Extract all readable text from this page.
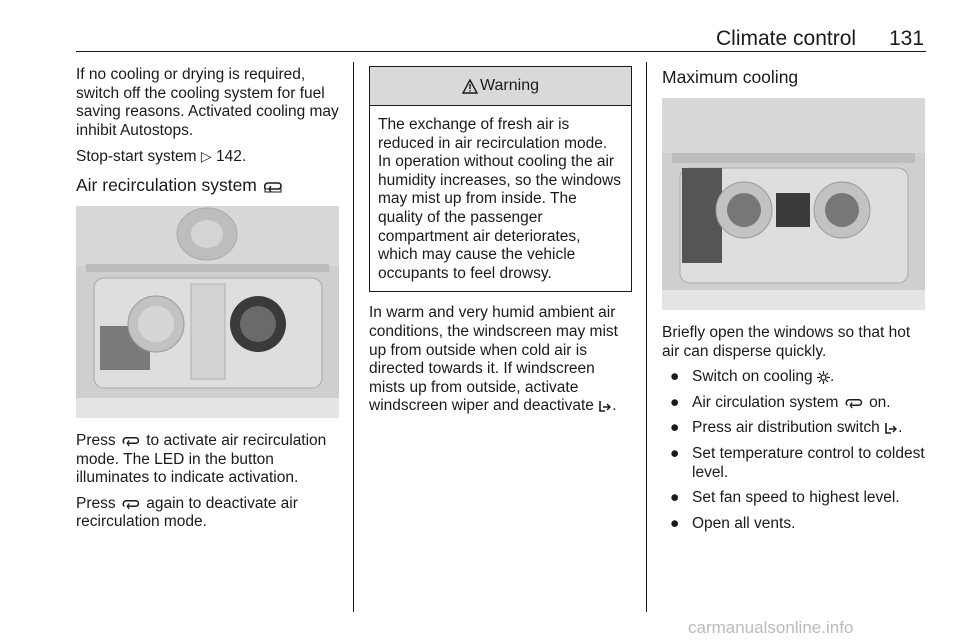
Climate control 131

If no cooling or drying is required, switch off the cooling system for fuel saving reasons. Activated cooling may inhibit Autostops.

Stop-start system ▷ 142.

Air recirculation system

Press to activate air recirculation mode. The LED in the button illuminates to indicate activation.

Press again to deactivate air recirculation mode.

Warning
The exchange of fresh air is reduced in air recirculation mode. In operation without cooling the air humidity increases, so the windows may mist up from inside. The quality of the passenger compartment air deteriorates, which may cause the vehicle occupants to feel drowsy.

In warm and very humid ambient air conditions, the windscreen may mist up from outside when cold air is directed towards it. If windscreen mists up from outside, activate windscreen wiper and deactivate .

Maximum cooling

Briefly open the windows so that hot air can disperse quickly.

● Switch on cooling .
● Air circulation system on.
● Press air distribution switch .
● Set temperature control to coldest level.
● Set fan speed to highest level.
● Open all vents.
carmanualsonline.info
